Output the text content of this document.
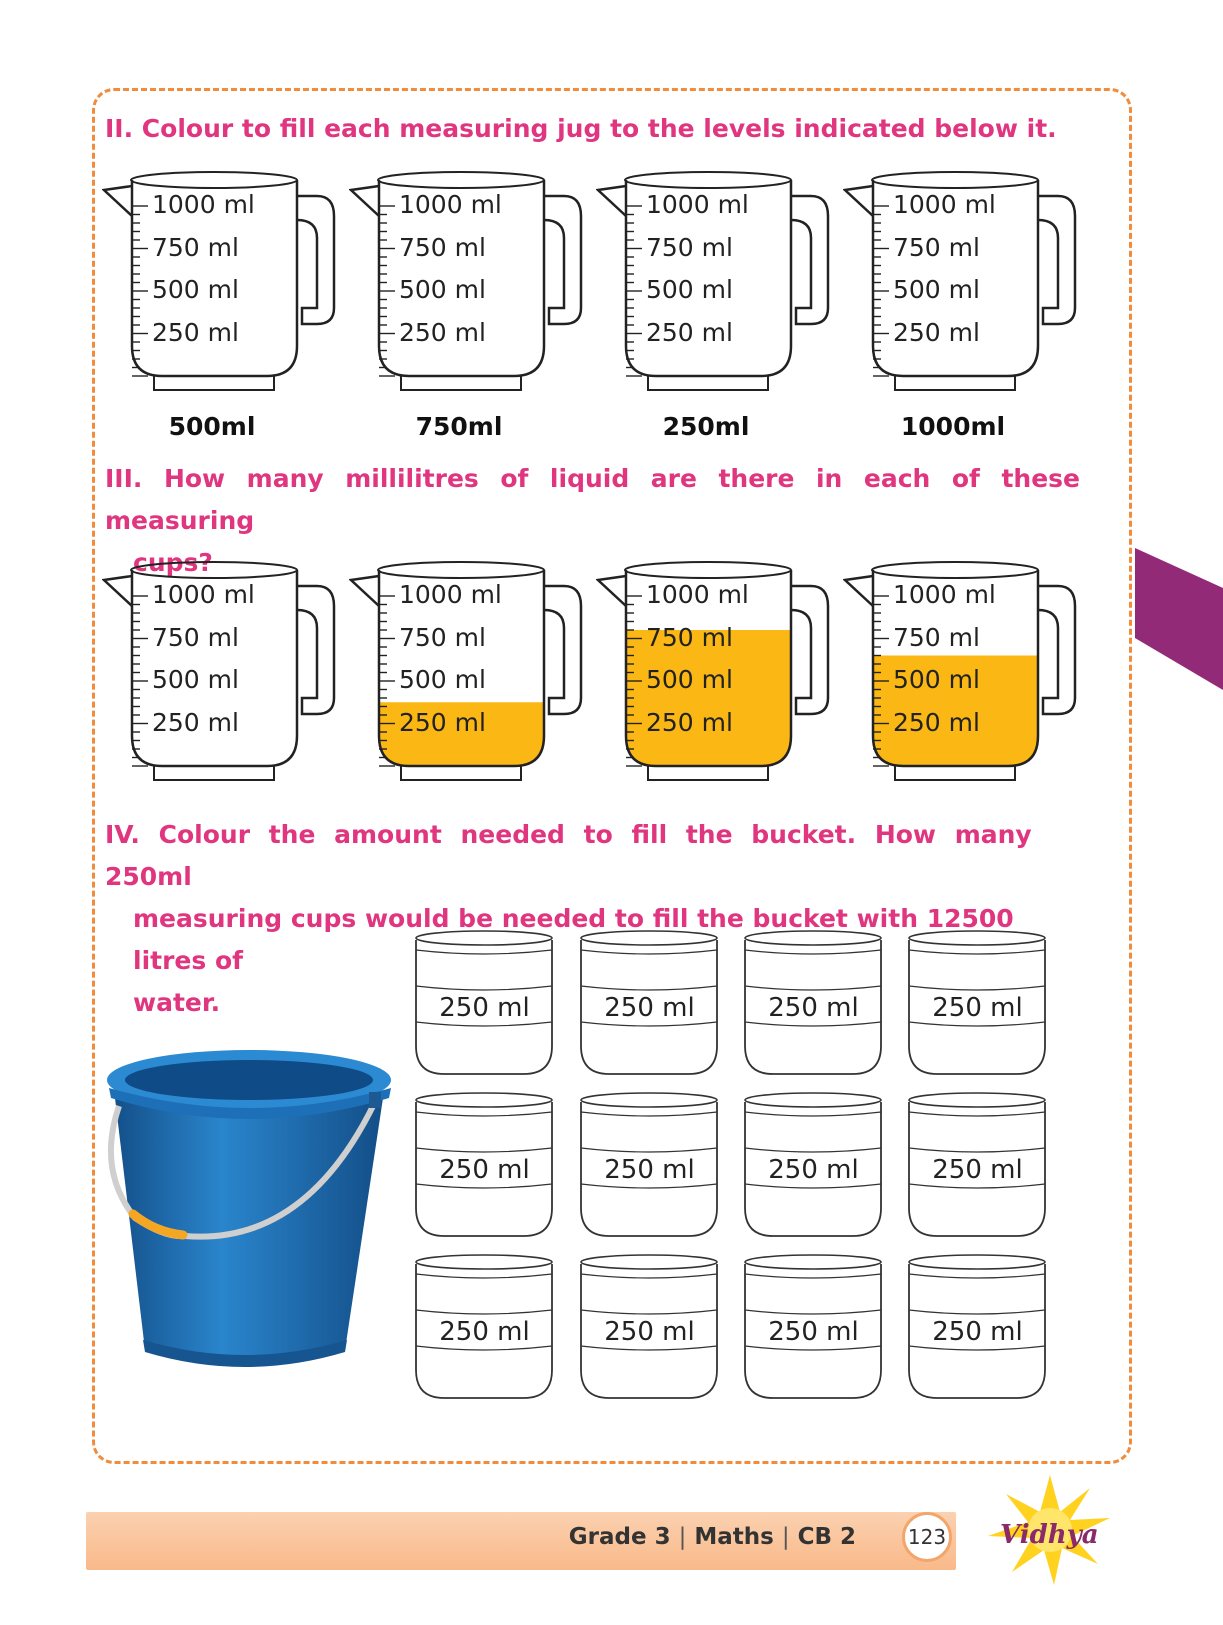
II. Colour to fill each measuring jug to the levels indicated below it.
1000 ml
750 ml
500 ml
250 ml
500ml
1000 ml
750 ml
500 ml
250 ml
750ml
1000 ml
750 ml
500 ml
250 ml
250ml
1000 ml
750 ml
500 ml
250 ml
1000ml
III. How many millilitres of liquid are there in each of these measuring
cups?
1000 ml
750 ml
500 ml
250 ml
1000 ml
750 ml
500 ml
250 ml
1000 ml
750 ml
500 ml
250 ml
1000 ml
750 ml
500 ml
250 ml
IV. Colour the amount needed to fill the bucket. How many 250ml
measuring cups would be needed to fill the bucket with 12500 litres of
water.	250 ml	250 ml	250 ml	250 ml
250 ml	250 ml	250 ml	250 ml
250 ml	250 ml	250 ml	250 ml
Grade 3 | Maths | CB 2	123 Vidhya
